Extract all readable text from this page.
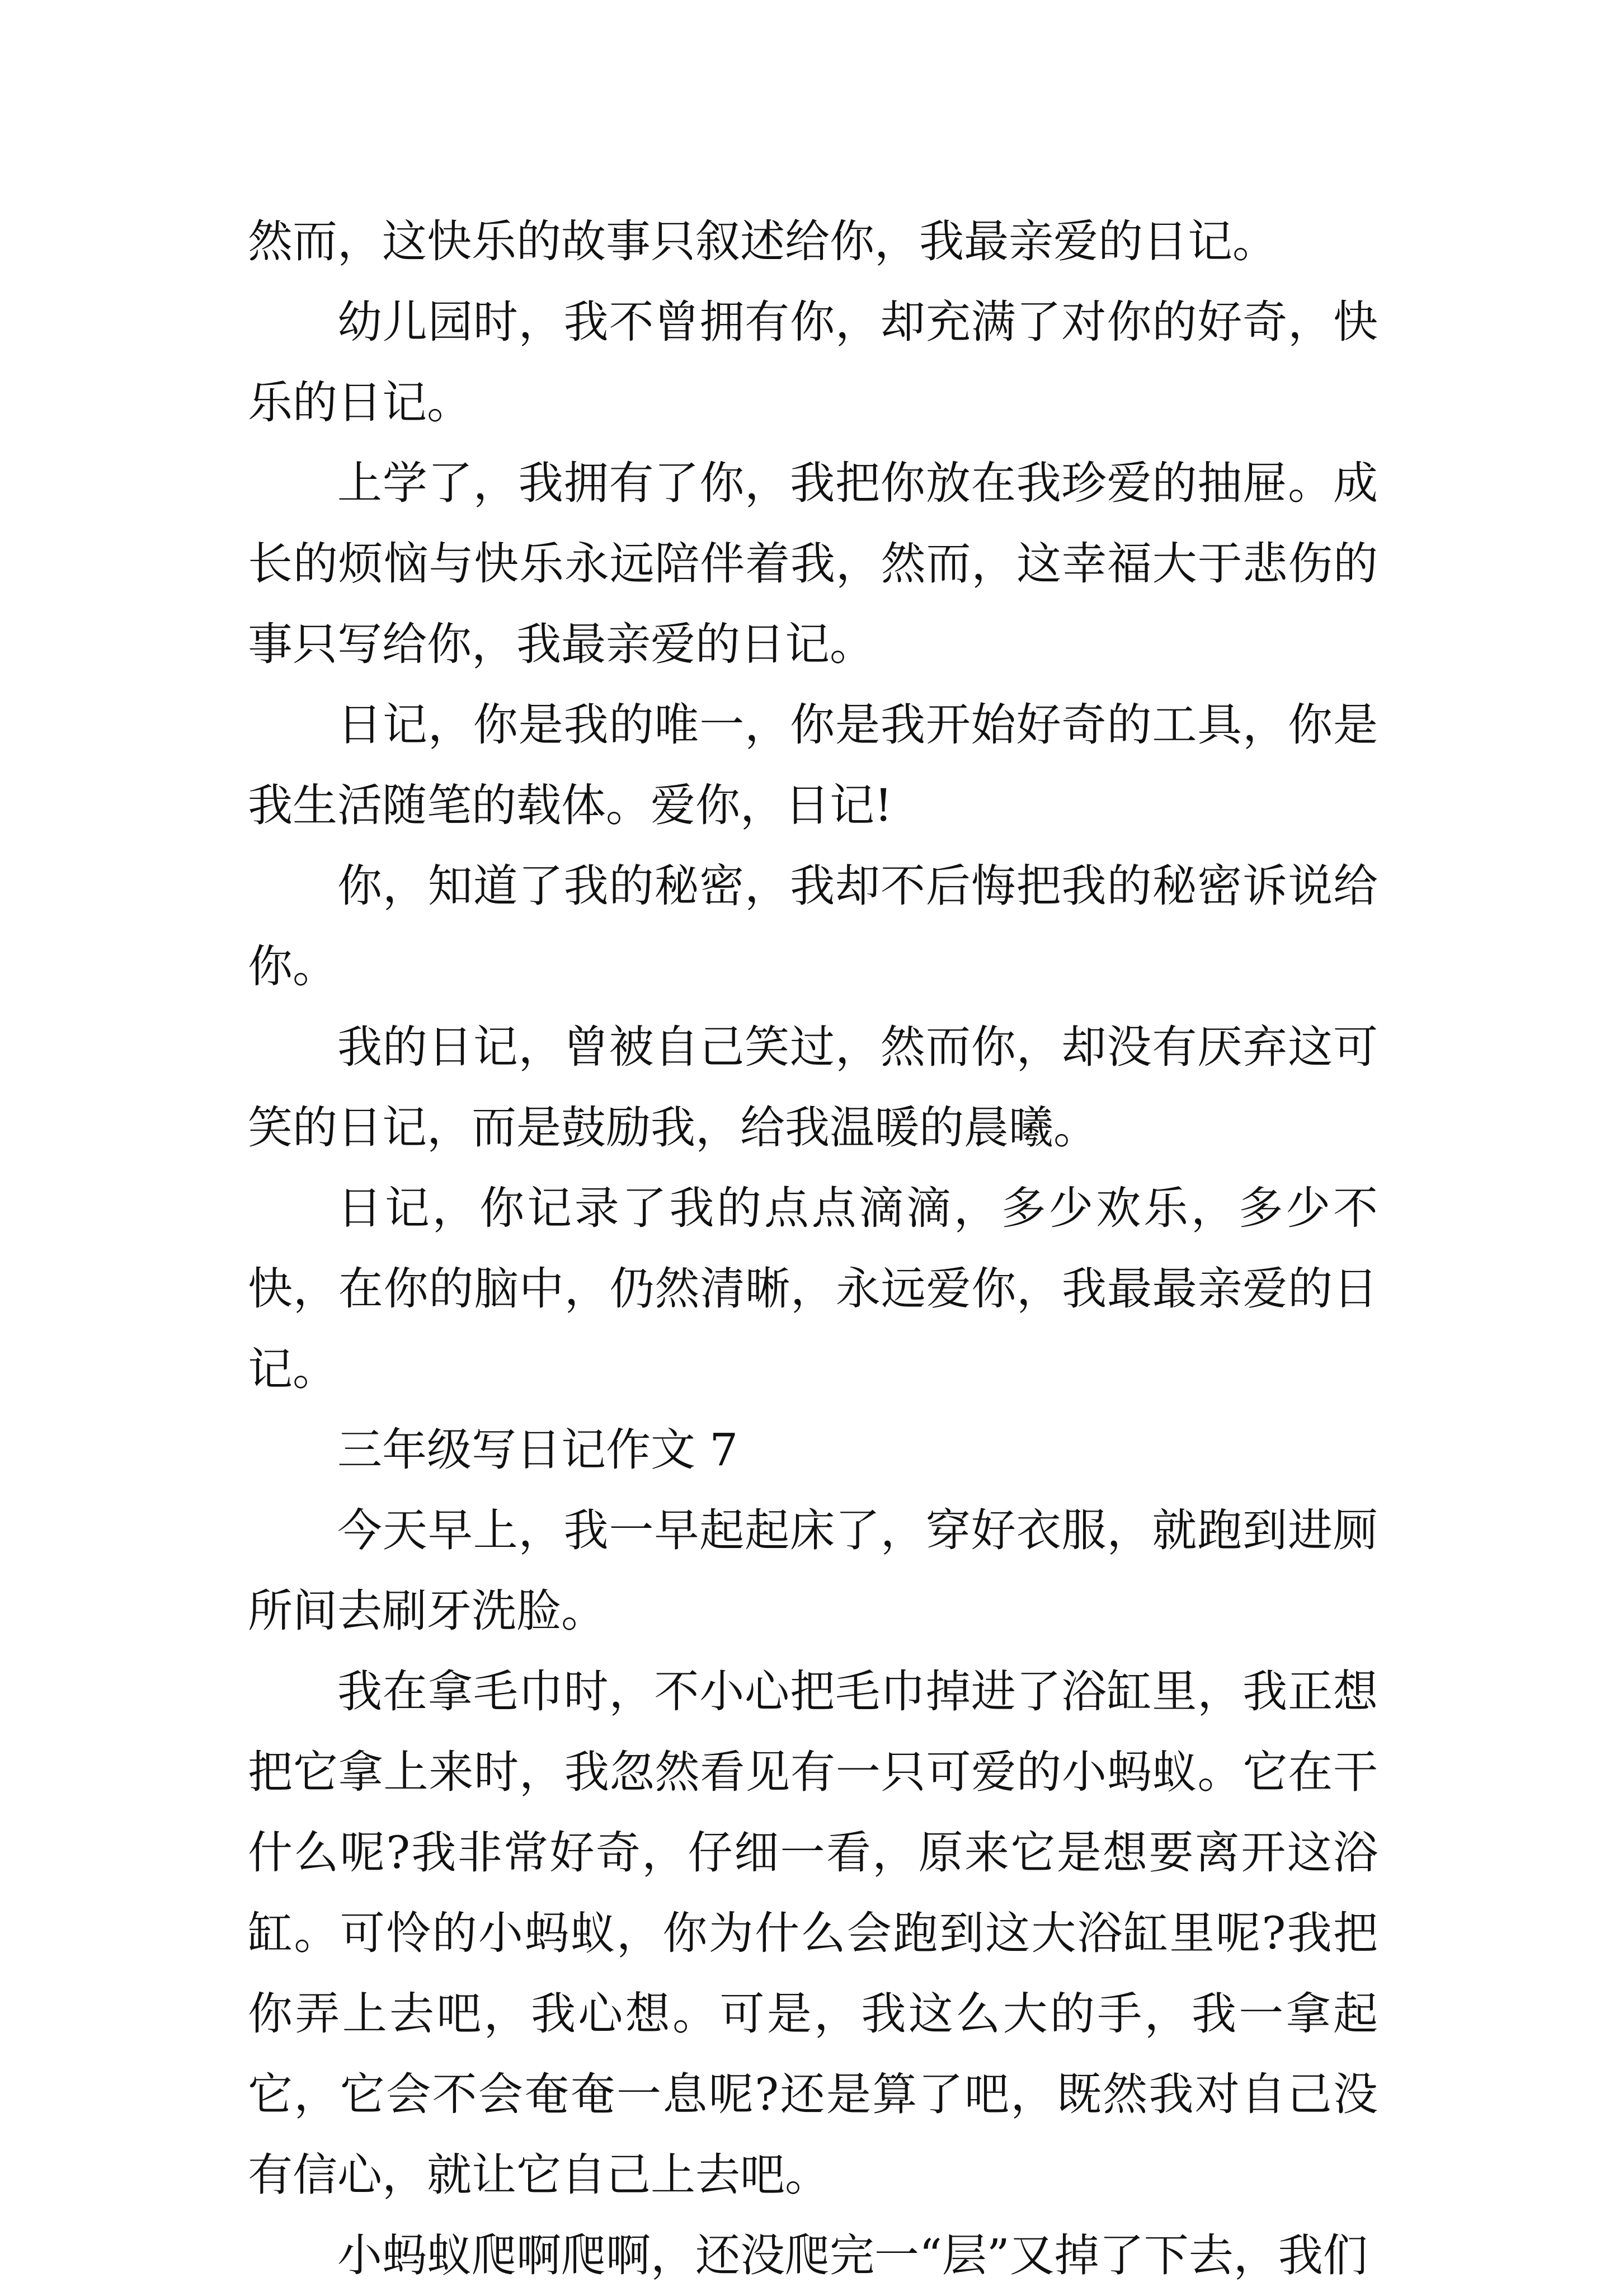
然而，这快乐的故事只叙述给你，我最亲爱的日记。

幼儿园时，我不曾拥有你，却充满了对你的好奇，快乐的日记。

上学了，我拥有了你，我把你放在我珍爱的抽屉。成长的烦恼与快乐永远陪伴着我，然而，这幸福大于悲伤的事只写给你，我最亲爱的日记。

日记，你是我的唯一，你是我开始好奇的工具，你是我生活随笔的载体。爱你，日记!

你，知道了我的秘密，我却不后悔把我的秘密诉说给你。

我的日记，曾被自己笑过，然而你，却没有厌弃这可笑的日记，而是鼓励我，给我温暖的晨曦。

日记，你记录了我的点点滴滴，多少欢乐，多少不快，在你的脑中，仍然清晰，永远爱你，我最最亲爱的日记。

三年级写日记作文 7

今天早上，我一早起起床了，穿好衣服，就跑到进厕所间去刷牙洗脸。

我在拿毛巾时，不小心把毛巾掉进了浴缸里，我正想把它拿上来时，我忽然看见有一只可爱的小蚂蚁。它在干什么呢?我非常好奇，仔细一看，原来它是想要离开这浴缸。可怜的小蚂蚁，你为什么会跑到这大浴缸里呢?我把你弄上去吧，我心想。可是，我这么大的手，我一拿起它，它会不会奄奄一息呢?还是算了吧，既然我对自己没有信心，就让它自己上去吧。

小蚂蚁爬啊爬啊，还没爬完一“层”又掉了下去，我们
